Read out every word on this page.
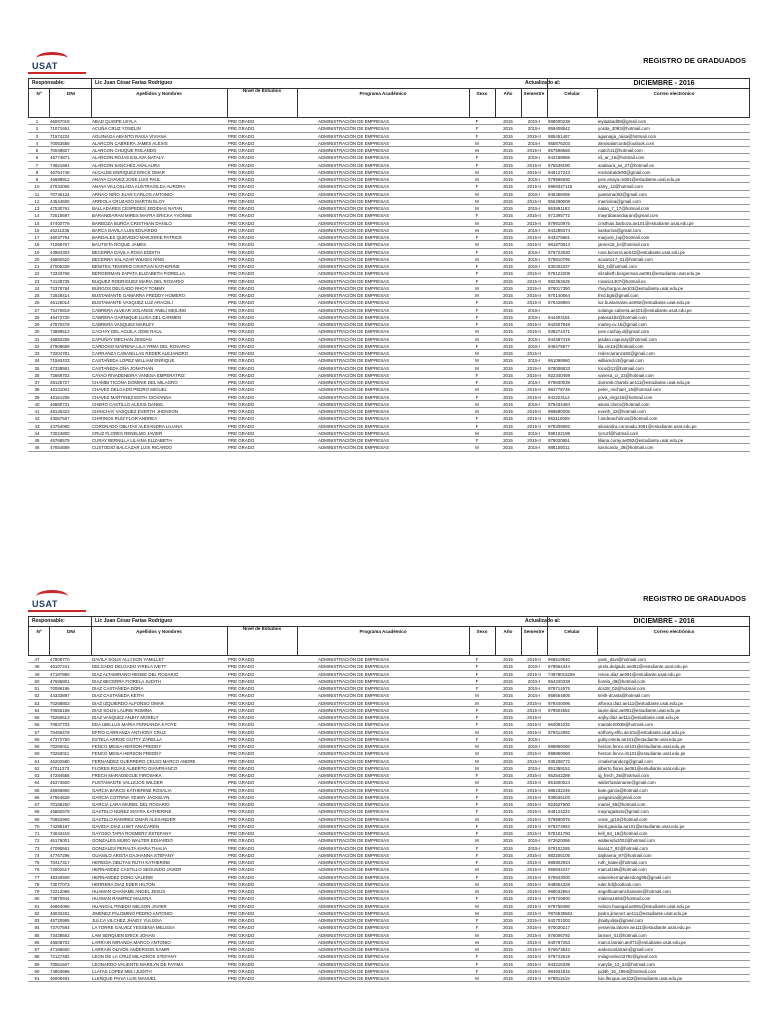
USAT
REGISTRO DE GRADUADOS
Responsable:	Lic Juan César Farías Rodríguez	Actualizado al:	DICIEMBRE - 2016
Nº	DNI	Apellidos y Nombres
Nivel de Estudios
Programa Académico	Sexo	Año	Semestre	Celular	Correo electrónico
1	46097019	ABAD QUISPE LEYLA	PRE GRADO	ADMINISTRACIÓN DE EMPRESAS	F	2015	2015-I	998000238	leylaabad08@gmail.com
2	71071651	ACUÑA CRUZ YOSELIN	PRE GRADO	ADMINISTRACIÓN DE EMPRESAS	F	2015	2015-I	959408842	yosita_3093@hotmail.com
3	71574224	AGUINAGA ABANTO RAISA VIVIANA	PRE GRADO	ADMINISTRACIÓN DE EMPRESAS	F	2015	2015-II	985451467	aguinaga_raisa@hotmail.com
4	70053588	ALARCON CABRERA JAMES ALEXIS	PRE GRADO	ADMINISTRACIÓN DE EMPRESAS	M	2015	2015-I	955876203	alexisalarcon5@outlook.com
5	70048827	ALARCON CHUQUE ROLANDO	PRE GRADO	ADMINISTRACIÓN DE EMPRESAS	M	2015	2015-II	957598566	roalch11@hotmail.com
6	45774871	ALARCON ROJAS ESLAVA NATALY	PRE GRADO	ADMINISTRACIÓN DE EMPRESAS	F	2015	2015-I	942188666	eli_ar_16@hotmail.com
7	73821681	ALARCON SANCHEZ ANALAURA	PRE GRADO	ADMINISTRACIÓN DE EMPRESAS	F	2015	2015-II	975538190	analaura_as_27@hotmail.es
8	46764748	ALCALDE ENRIQUEZ ERICK OMAR	PRE GRADO	ADMINISTRACIÓN DE EMPRESAS	M	2015	2015-II	949127243	erickalcalde90@gmail.com
9	46688912	ANAYA CHAVEZ JOSE LUIS PAUL	PRE GRADO	ADMINISTRACIÓN DE EMPRESAS	M	2015	2015-I	979966930	jose.anaya.m081@estudiante.usat.edu.pe
10	47634006	ANAYA VILLOSLADA AUSTRAGILDA AURORA	PRE GRADO	ADMINISTRACIÓN DE EMPRESAS	F	2015	2015-II	9969347118	astry_14@hotmail.com
11	70746124	ARNAO NIÑO JUAN CARLOS ANTONIO	PRE GRADO	ADMINISTRACIÓN DE EMPRESAS	M	2015	2015-I	945358455	juanarnao92@gmail.com
12	44544605	ARRIOLA CRUZADO MARTIN ELOY	PRE GRADO	ADMINISTRACIÓN DE EMPRESAS	M	2015	2015-II	956290008	marrioloa@gmail.com
13	47530761	BALLADARES CESPEDES JEDIDIAS NATAN	PRE GRADO	ADMINISTRACIÓN DE EMPRESAS	M	2015	2015-I	963891183	natan_7_17@hotmail.com
14	72515697	BARANDIARAN MIRES MAYRA ERICKA YVONNE	PRE GRADO	ADMINISTRACIÓN DE EMPRESAS	F	2015	2015-II	971395772	mayrabarandiaran@gmail.com
15	47400776	BARBOZA BURGA CRISTHIAN DANILO	PRE GRADO	ADMINISTRACIÓN DE EMPRESAS	M	2015	2015-II	979910975	cristhian.barboza.ae101@estudiante.usat.edu.pe
16	46211335	BARCA DAVILA LUIS EDUARDO	PRE GRADO	ADMINISTRACIÓN DE EMPRESAS	M	2015	2015-I	944288374	luiskorina@gmail.com
17	46037764	BARDALES QUEVEDO MARJORIE PATRICE	PRE GRADO	ADMINISTRACIÓN DE EMPRESAS	F	2015	2015-II	943475861	marjorie_bq@hotmail.com
18	71069767	BAUTISTA ROQUE JAMES	PRE GRADO	ADMINISTRACIÓN DE EMPRESAS	M	2015	2015-II	981870813	james15_br@hotmail.com
19	43984303	BECERRA DAVILA ROSA EDDITH	PRE GRADO	ADMINISTRACIÓN DE EMPRESAS	F	2015	2015-I	979722830	rosa.becerra.ae042@estudiante.usat.edu.pe
20	46882520	BECERRA SALAZAR WILKES NINO	PRE GRADO	ADMINISTRACIÓN DE EMPRESAS	M	2015	2015-I	979810795	acuario17_01@hotmail.com
21	47005328	BENITES TENORIO CRISTIAN KATHERINE	PRE GRADO	ADMINISTRACIÓN DE EMPRESAS	F	2015	2015-I	930304337	kbt_4@hotmail.com
22	73333768	BERGERMAN ZAPATA ELIZABETH FIORELLA	PRE GRADO	ADMINISTRACIÓN DE EMPRESAS	F	2015	2015-II	978122208	elizabeth.bergerman.ae091@estudiante.usat.edu.pe
23	74128735	BUQUEZ RODRIGUEZ MARIA DEL ROSARIO	PRE GRADO	ADMINISTRACIÓN DE EMPRESAS	F	2015	2015-II	982362625	rosario1407@hotmail.es
24	72378764	BURGOS DELGADO RHOY TOMMY	PRE GRADO	ADMINISTRACIÓN DE EMPRESAS	M	2015	2015-II	978017350	rhoy.burgos.ae103@estudiante.usat.edu.pe
25	72928414	BUSTAMANTE GAMARRA FREDDY HOMERO	PRE GRADO	ADMINISTRACIÓN DE EMPRESAS	M	2015	2015-II	970140564	fred.bg6@gmail.com
26	46126014	BUSTAMANTE VASQUEZ LUZ ARACELI	PRE GRADO	ADMINISTRACIÓN DE EMPRESAS	F	2015	2015-II	976428894	luz.bustamante.ae092@estudiante.usat.edu.pe
27	72470819	CABRERA ALVEAR SOLANGE ANELI MEILING	PRE GRADO	ADMINISTRACIÓN DE EMPRESAS	F	2015	2015-I	solange.cabrera.ae101@estudiante.usat.edu.pe
28	45472730	CABRERA GARNIQUE LUISA DEL CARMEN	PRE GRADO	ADMINISTRACIÓN DE EMPRESAS	F	2015	2015-I	944403181	patosa182@hotmail.com
29	47870478	CABRERA VASQUEZ MARLEY	PRE GRADO	ADMINISTRACIÓN DE EMPRESAS	F	2015	2015-II	942507948	marley.cv.15@gmail.com
30	73889512	CACHAY DEL AGUILA JOSE RAUL	PRE GRADO	ADMINISTRACIÓN DE EMPRESAS	M	2015	2015-II	939274371	jose.cachay.d@gmail.com
31	46883258	CAPUÑAY MECHAN JESDAN	PRE GRADO	ADMINISTRACIÓN DE EMPRESAS	M	2015	2015-I	944487419	jesdan.capunay@hotmail.com
32	47909659	CARDOSO MAIRENA LILA YRMA DEL ROSARIO	PRE GRADO	ADMINISTRACIÓN DE EMPRESAS	F	2015	2015-I	949475877	lila.cm13@hotmail.com
33	73204781	CARRANZA CABANILLAS REDER ALEJANDRO	PRE GRADO	ADMINISTRACIÓN DE EMPRESAS	M	2015	2015-II	redercarranza92@gmail.com
34	71593433	CASTAÑEDA LOPEZ WILLIAM ENRIQUE	PRE GRADO	ADMINISTRACIÓN DE EMPRESAS	M	2015	2015-I	961098960	williamclo3@gmail.com
35	47338591	CASTAÑEDA OÑA JONATHAN	PRE GRADO	ADMINISTRACIÓN DE EMPRESAS	M	2015	2015-II	978008833	toco@12@hotmail.com
36	72669702	CAYAO RIVADENEIRA VANESA EMPERATRIZ	PRE GRADO	ADMINISTRACIÓN DE EMPRESAS	F	2015	2015-II	922340459	vanesa_cr_23@hotmail.com
37	48125727	CHAMBI TICONA DOMINIK DEL MILAGRO	PRE GRADO	ADMINISTRACIÓN DE EMPRESAS	F	2015	2015-I	979830039	dominik.chambi.ae111@estudiante.usat.edu.pe
38	46131001	CHAVEZ DELGADO PEDRO MIGUEL	PRE GRADO	ADMINISTRACIÓN DE EMPRESAS	M	2015	2015-II	984778746	peter_michael_16@hotmail.com
39	46161255	CHAVEZ MARTINEZ EDITH GIOVANNA	PRE GRADO	ADMINISTRACIÓN DE EMPRESAS	F	2015	2015-II	942223114	yova_virgo16@hotmail.com
40	45880731	CHERO CASTILLO ALEXIS DANIEL	PRE GRADO	ADMINISTRACIÓN DE EMPRESAS	M	2015	2015-I	979434484	alexis.chero@hotmail.com
41	48146323	CHINCHAY VASQUEZ EVERTH JHONSON	PRE GRADO	ADMINISTRACIÓN DE EMPRESAS	M	2015	2015-II	999580005	everth_32@hotmail.com
42	43067557	CHIRINOS RUIZ FLOR ANDREA	PRE GRADO	ADMINISTRACIÓN DE EMPRESAS	F	2015	2015-II	952110609	f.andreachirinos@hotmail.com
43	44754060	CORONADO OBLITAS ALEXANDRA LILIANA	PRE GRADO	ADMINISTRACIÓN DE EMPRESAS	F	2015	2015-II	978306992	alexandra.coronado.3091@estudiante.usat.edu.pe
44	73024800	CRUZ FLORES RENELMO JAVIER	PRE GRADO	ADMINISTRACIÓN DE EMPRESAS	M	2015	2015-I	999102199	rjcruzf@hotmail.com
45	46768579	CURAY BERNILLA LILIANA ELIZABETH	PRE GRADO	ADMINISTRACIÓN DE EMPRESAS	F	2015	2015-II	979020851	liliana.curay.ae092@estudiante.usat.edu.pe
46	47654889	CUSTODIO BALCAZAR LUIS RICARDO	PRE GRADO	ADMINISTRACIÓN DE EMPRESAS	M	2015	2015-I	988155011	luisricardo_28@hotmail.com
USAT
REGISTRO DE GRADUADOS
Responsable:	Lic Juan César Farías Rodríguez	Actualizado al:	DICIEMBRE - 2016
Nº	DNI	Apellidos y Nombres
Nivel de Estudios
Programa Académico	Sexo	Año	Semestre	Celular	Correo electrónico
47	47808770	DAVILA SOLIS ALLYSON YAMILLET	PRE GRADO	ADMINISTRACIÓN DE EMPRESAS	F	2015	2015-II	968519540	yami_davi@hotmail.com
48	46107241	DELGADO DELGADO YIRELA IVETT	PRE GRADO	ADMINISTRACIÓN DE EMPRESAS	F	2015	2015-I	979564444	yirela.delgado.ae052@estudiante.usat.edu.pe
49	47187880	DIAZ ALTAMIRANO RENEE DEL ROSARIO	PRE GRADO	ADMINISTRACIÓN DE EMPRESAS	F	2015	2015-II	74978015269	renee.diaz.ae091@estudiante.usat.edu.pe
50	47695801	DIAZ BECERRA FIORELA JUDITH	PRE GRADO	ADMINISTRACIÓN DE EMPRESAS	F	2015	2015-I	964340338	fiorela_d9@hotmail.com
51	70086196	DIAZ CASTAÑEDA DORA	PRE GRADO	ADMINISTRACIÓN DE EMPRESAS	F	2015	2015-I	978714575	dcs28_02@hotmail.com
52	44333897	DIAZ CASTAÑEDA KEITH	PRE GRADO	ADMINISTRACIÓN DE EMPRESAS	M	2015	2015-I	958664805	keith-dcasta@hotmail.com
53	70268803	DIAZ IZQUIERDO ALFONSO OMAR	PRE GRADO	ADMINISTRACIÓN DE EMPRESAS	M	2015	2015-II	979440096	alfonso.diaz.ae111@estudiante.usat.edu.pe
54	70655169	DIAZ SOLIS LAURIE ROMINA	PRE GRADO	ADMINISTRACIÓN DE EMPRESAS	F	2015	2015-II	979504552	laurie.diaz.ae091@estudiante.usat.edu.pe
55	75250613	DIAZ VASQUEZ ANJHY MORELY	PRE GRADO	ADMINISTRACIÓN DE EMPRESAS	F	2015	2015-II	anjhy.diaz.ae111@estudiante.usat.edu.pe
56	70837703	EDA UBILLUS MARIA FERNANDA KYOYE	PRE GRADO	ADMINISTRACIÓN DE EMPRESAS	F	2015	2015-II	963081032	mariafe20039@hotmail.com
57	70455478	EFFIO CARRANZA ANTHONY CRUZ	PRE GRADO	ADMINISTRACIÓN DE EMPRESAS	M	2015	2015-II	979312892	anthony.effio.ae101@estudiante.usat.edu.pe
58	47372750	ESTELA ARROE GUTTY ZARELLA	PRE GRADO	ADMINISTRACIÓN DE EMPRESAS	F	2015	2015-I	gutty.estela.ae101@estudiante.usat.edu.pe
59	70260011	FENCO MESIA HERSON FREDDY	PRE GRADO	ADMINISTRACIÓN DE EMPRESAS	M	2015	2015-I	998850060	herson.fenco.im101@estudiante.usat.edu.pe
60	70260011	FENCO MESIA HERSON FREDDY	PRE GRADO	ADMINISTRACIÓN DE EMPRESAS	M	2015	2015-II	998850060	herson.fenco.im101@estudiante.usat.edu.pe
61	46202680	FERNANDEZ GUERRERO CELSO MARCO ANDRE	PRE GRADO	ADMINISTRACIÓN DE EMPRESAS	M	2015	2015-II	935208772	cmafernandezg@gmail.com
62	47011273	FLORES ROJAS ALBERTO GIANFRANCO	PRE GRADO	ADMINISTRACIÓN DE EMPRESAS	M	2015	2015-I	951399152	alberto.flores.ae061@estudiante.usat.edu.pe
63	47284556	FRECH MARADIEGUE FIROSHKA	PRE GRADO	ADMINISTRACIÓN DE EMPRESAS	F	2015	2015-II	952542289	ig_frech_26@hotmail.com
64	45373500	FUSTAMANTE VALLEJOS WILDER	PRE GRADO	ADMINISTRACIÓN DE EMPRESAS	M	2015	2015-II	951600524	wilderfustamante@gmail.com
65	45696860	GARCIA BARCO KATHERINE ROSALIA	PRE GRADO	ADMINISTRACIÓN DE EMPRESAS	F	2015	2015-II	986232246	kate.garcia@hotmail.com
66	47564528	GARCIA COTRINA YESMY JACKELYN	PRE GRADO	ADMINISTRACIÓN DE EMPRESAS	F	2015	2015-II	939635103	yesgarcia@gmail.com
67	70166250	GARCIA LARA MARIEL DEL ROSARIO	PRE GRADO	ADMINISTRACIÓN DE EMPRESAS	F	2015	2015-II	923627900	mariel_56@hotmail.com
68	45882578	GASTELO NUÑEZ MAYRA KATHERINE	PRE GRADO	ADMINISTRACIÓN DE EMPRESAS	F	2015	2015-II	949124222	mayragastelo@gmail.com
69	70852960	GASTELO RAMIREZ OMAR ALEXANDER	PRE GRADO	ADMINISTRACIÓN DE EMPRESAS	M	2015	2015-II	979580075	omar_gr10@hotmail.com
70	74285187	GAVIDIA DIAZ LISET ANACAREN	PRE GRADO	ADMINISTRACIÓN DE EMPRESAS	F	2015	2015-II	979274853	lisett.gavidia.ae101@estudiante.usat.edu.pe
71	74043419	GAYOSO TAPIA ROSMERY ESTEFANY	PRE GRADO	ADMINISTRACIÓN DE EMPRESAS	F	2015	2015-II	978101790	kell_94_19@hotmail.com
72	46176001	GONZALES MURO WALTER EDUARDO	PRE GRADO	ADMINISTRACIÓN DE EMPRESAS	M	2015	2015-I	972620086	walteredu2002@hotmail.com
73	47090661	GONZALES PERALTA KIARA THALIA	PRE GRADO	ADMINISTRACIÓN DE EMPRESAS	F	2015	2015-I	979102285	kiara17_92@hotmail.com
74	47767296	GUANILO ARISTA DAJHANNA STEFANY	PRE GRADO	ADMINISTRACIÓN DE EMPRESAS	F	2015	2015-II	982205105	dajhanna_97@hotmail.com
75	70417317	HEREDIA OBLITAS RUTH KATHERINE	PRE GRADO	ADMINISTRACIÓN DE EMPRESAS	F	2015	2015-II	985802934	ruth_katee@hotmail.com
76	72002617	HERNANDEZ CASTILLO SEGUNDO JAVIER	PRE GRADO	ADMINISTRACIÓN DE EMPRESAS	M	2015	2015-II	959932247	marcel155@hotmail.com
77	48340509	HERNANDEZ DONG VALERIE	PRE GRADO	ADMINISTRACIÓN DE EMPRESAS	F	2015	2015-II	979943000	valeriehernandezdong08@gmail.com
78	73077073	HERRERA DIAZ EDER HILTON	PRE GRADO	ADMINISTRACIÓN DE EMPRESAS	M	2015	2015-II	948554328	eder.hd@outlook.com
79	72212065	HUAMAN CHANAME ANGEL JESUS	PRE GRADO	ADMINISTRACIÓN DE EMPRESAS	M	2015	2015-II	968032564	angelhuamanchaname@hotmail.com
80	73870944	HUAMAN RAMIREZ MALENA	PRE GRADO	ADMINISTRACIÓN DE EMPRESAS	F	2015	2015-II	978729800	malena1694@hotmail.com
81	46864096	HUANGAL PINEDO NELSON JAVIER	PRE GRADO	ADMINISTRACIÓN DE EMPRESAS	M	2015	2015-II	978758480	nelson.huangal.ae091@estudiante.usat.edu.pe
82	48033491	JIMENEZ PALOMINO PEDRO ANTONIO	PRE GRADO	ADMINISTRACIÓN DE EMPRESAS	M	2015	2015-II	#976535562	pedro.jimenez.ae111@estudiante.usat.edu.pe
83	46720995	JULCA VILCHEZ JHAIDY YULISSA	PRE GRADO	ADMINISTRACIÓN DE EMPRESAS	F	2015	2015-II	942701003	jhaidyulisa@gmail.com
84	73707584	LA TORRE GALVEZ YESSENIA MELISSA	PRE GRADO	ADMINISTRACIÓN DE EMPRESAS	F	2015	2015-II	970030217	yessenia.latorre.ae111@estudiante.usat.edu.pe
85	73438562	LAM SERQUEN ERICK JOHAN	PRE GRADO	ADMINISTRACIÓN DE EMPRESAS	M	2015	2015-II	976005792	lamser_01@hotmail.com
86	45608702	LARRAIN MIRANDA MARCO ANTONIO	PRE GRADO	ADMINISTRACIÓN DE EMPRESAS	M	2015	2015-II	940787263	marco.larrain.ae071@estudiante.usat.edu.pe
87	47186660	LARRAIN OLIVOS ANDERSON SAMIR	PRE GRADO	ADMINISTRACIÓN DE EMPRESAS	M	2015	2015-II	976673542	andersonlarrain@gmail.com
88	72127482	LEON DE LA CRUZ MILAGROS STEFANY	PRE GRADO	ADMINISTRACIÓN DE EMPRESAS	F	2015	2015-II	978742619	milagrosleon2792@gmail.com
89	70551507	LEONARDO VALIENTE MARILYN DE FATIMA	PRE GRADO	ADMINISTRACIÓN DE EMPRESAS	F	2015	2015-II	943216339	marylin_13_24@hotmail.com
90	74803696	LLATAS LOPEZ MELI JUDITH	PRE GRADO	ADMINISTRACIÓN DE EMPRESAS	F	2015	2015-II	984931915	judith_16_1994@hotmail.com
91	46005481	LLENQUE PAIVA LUIS MANUEL	PRE GRADO	ADMINISTRACIÓN DE EMPRESAS	M	2015	2015-II	978811519	luis.llenque.ae102@estudiante.usat.edu.pe
